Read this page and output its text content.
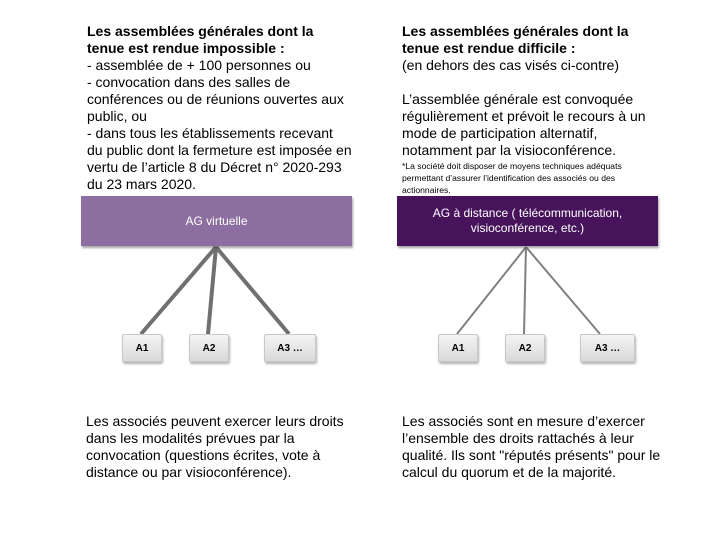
Les assemblées générales dont la tenue est rendue impossible :
- assemblée de + 100 personnes ou
- convocation dans des salles de conférences ou de réunions ouvertes aux public, ou
- dans tous les établissements recevant du public dont la fermeture est imposée en vertu de l’article 8 du Décret n° 2020-293 du 23 mars 2020.
Les assemblées générales dont la tenue est rendue difficile :
(en dehors des cas visés ci-contre)
L’assemblée générale est convoquée régulièrement et prévoit le recours à un mode de participation alternatif, notamment par la visioconférence.
*La société doit disposer de moyens techniques adéquats permettant d’assurer l’identification des associés ou des actionnaires.
AG virtuelle
AG à distance ( télécommunication, visioconférence, etc.)
A1	A2	A3 …	A1	A2	A3 …
Les associés peuvent exercer leurs droits dans les modalités prévues par la convocation (questions écrites, vote à distance ou par visioconférence).
Les associés sont en mesure d’exercer l’ensemble des droits rattachés à leur qualité. Ils sont "réputés présents" pour le calcul du quorum et de la majorité.
